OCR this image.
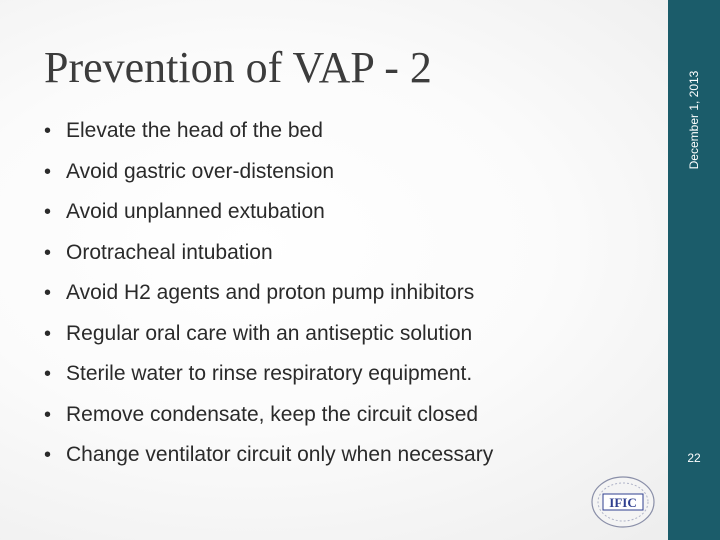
Prevention of VAP - 2
• Elevate the head of the bed
• Avoid gastric over-distension
• Avoid unplanned extubation
• Orotracheal intubation
• Avoid H2 agents and proton pump inhibitors
• Regular oral care with an antiseptic solution
• Sterile water to rinse respiratory equipment.
• Remove condensate, keep the circuit closed
• Change ventilator circuit only when necessary
December 1, 2013
22
IFIC
